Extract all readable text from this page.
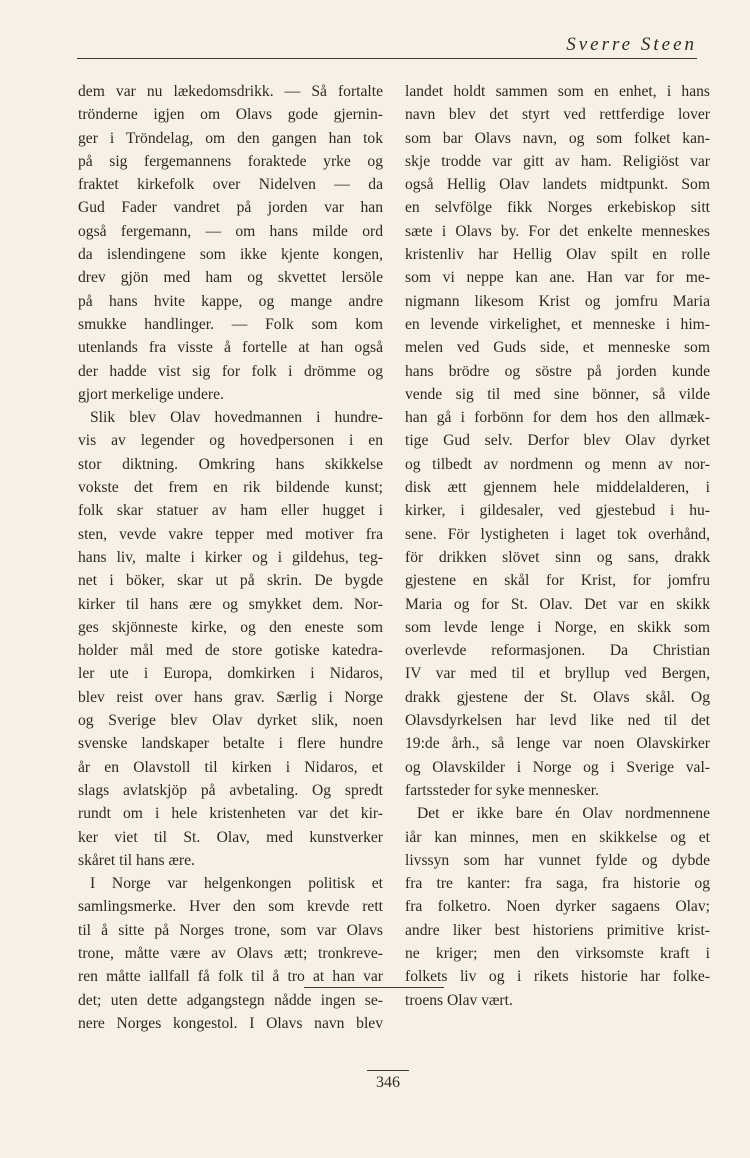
Sverre Steen
dem var nu lækedomsdrikk. — Så fortalte
trönderne igjen om Olavs gode gjernin-
ger i Tröndelag, om den gangen han tok
på sig fergemannens foraktede yrke og
fraktet kirkefolk over Nidelven — da
Gud Fader vandret på jorden var han
også fergemann, — om hans milde ord
da islendingene som ikke kjente kongen,
drev gjön med ham og skvettet lersöle
på hans hvite kappe, og mange andre
smukke handlinger. — Folk som kom
utenlands fra visste å fortelle at han også
der hadde vist sig for folk i drömme og
gjort merkelige undere.
Slik blev Olav hovedmannen i hundre-
vis av legender og hovedpersonen i en
stor diktning. Omkring hans skikkelse
vokste det frem en rik bildende kunst;
folk skar statuer av ham eller hugget i
sten, vevde vakre tepper med motiver fra
hans liv, malte i kirker og i gildehus, teg-
net i böker, skar ut på skrin. De bygde
kirker til hans ære og smykket dem. Nor-
ges skjönneste kirke, og den eneste som
holder mål med de store gotiske katedra-
ler ute i Europa, domkirken i Nidaros,
blev reist over hans grav. Særlig i Norge
og Sverige blev Olav dyrket slik, noen
svenske landskaper betalte i flere hundre
år en Olavstoll til kirken i Nidaros, et
slags avlatskjöp på avbetaling. Og spredt
rundt om i hele kristenheten var det kir-
ker viet til St. Olav, med kunstverker
skåret til hans ære.
I Norge var helgenkongen politisk et
samlingsmerke. Hver den som krevde rett
til å sitte på Norges trone, som var Olavs
trone, måtte være av Olavs ætt; tronkreve-
ren måtte iallfall få folk til å tro at han var
det; uten dette adgangstegn nådde ingen se-
nere Norges kongestol. I Olavs navn blev
landet holdt sammen som en enhet, i hans
navn blev det styrt ved rettferdige lover
som bar Olavs navn, og som folket kan-
skje trodde var gitt av ham. Religiöst var
også Hellig Olav landets midtpunkt. Som
en selvfölge fikk Norges erkebiskop sitt
sæte i Olavs by. For det enkelte menneskes
kristenliv har Hellig Olav spilt en rolle
som vi neppe kan ane. Han var for me-
nigmann likesom Krist og jomfru Maria
en levende virkelighet, et menneske i him-
melen ved Guds side, et menneske som
hans brödre og söstre på jorden kunde
vende sig til med sine bönner, så vilde
han gå i forbönn for dem hos den allmæk-
tige Gud selv. Derfor blev Olav dyrket
og tilbedt av nordmenn og menn av nor-
disk ætt gjennem hele middelalderen, i
kirker, i gildesaler, ved gjestebud i hu-
sene. För lystigheten i laget tok overhånd,
för drikken slövet sinn og sans, drakk
gjestene en skål for Krist, for jomfru
Maria og for St. Olav. Det var en skikk
som levde lenge i Norge, en skikk som
overlevde reformasjonen. Da Christian
IV var med til et bryllup ved Bergen,
drakk gjestene der St. Olavs skål. Og
Olavsdyrkelsen har levd like ned til det
19:de årh., så lenge var noen Olavskirker
og Olavskilder i Norge og i Sverige val-
fartssteder for syke mennesker.
Det er ikke bare én Olav nordmennene
iår kan minnes, men en skikkelse og et
livssyn som har vunnet fylde og dybde
fra tre kanter: fra saga, fra historie og
fra folketro. Noen dyrker sagaens Olav;
andre liker best historiens primitive krist-
ne kriger; men den virksomste kraft i
folkets liv og i rikets historie har folke-
troens Olav vært.
346
